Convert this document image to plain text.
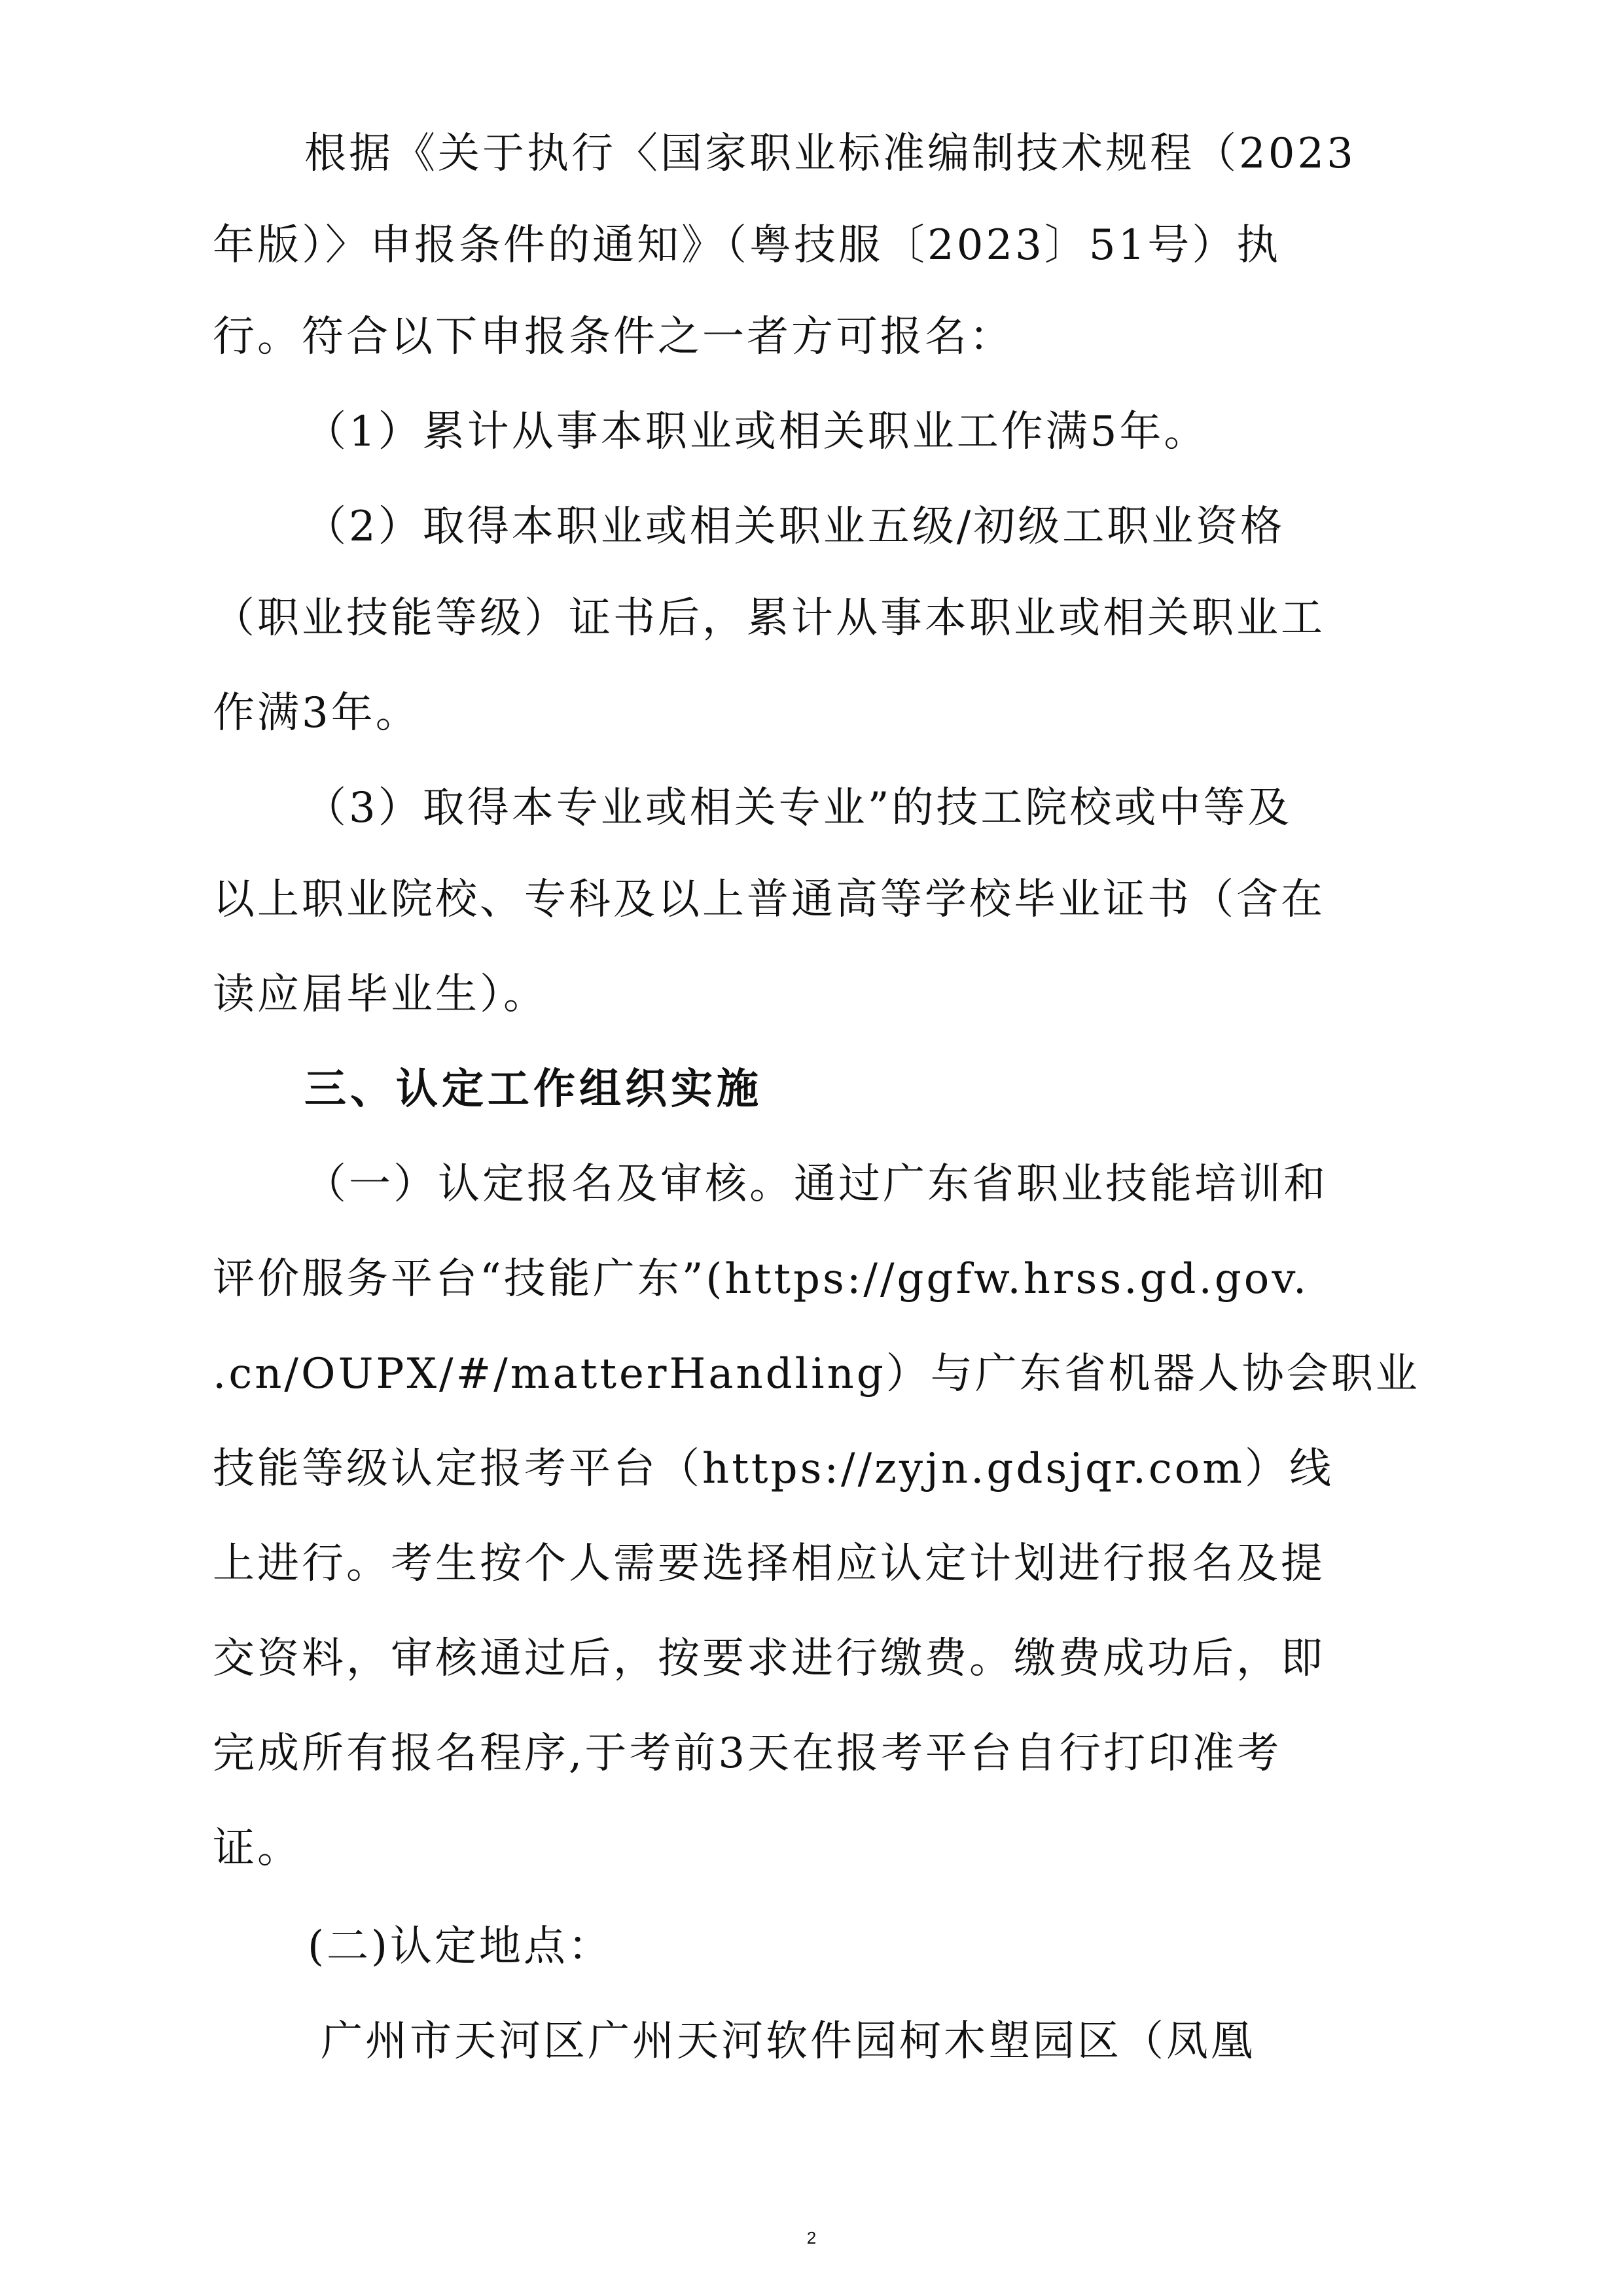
根据《关于执行〈国家职业标准编制技术规程（2023
年版）〉申报条件的通知》（粤技服〔2023〕51号）执
行。符合以下申报条件之一者方可报名：
（1）累计从事本职业或相关职业工作满5年。
（2）取得本职业或相关职业五级/初级工职业资格
（职业技能等级）证书后，累计从事本职业或相关职业工
作满3年。
（3）取得本专业或相关专业”的技工院校或中等及
以上职业院校、专科及以上普通高等学校毕业证书（含在
读应届毕业生）。
三、认定工作组织实施
（一）认定报名及审核。通过广东省职业技能培训和
评价服务平台“技能广东”(https://ggfw.hrss.gd.gov.
.cn/OUPX/#/matterHandling）与广东省机器人协会职业
技能等级认定报考平台（https://zyjn.gdsjqr.com）线
上进行。考生按个人需要选择相应认定计划进行报名及提
交资料，审核通过后，按要求进行缴费。缴费成功后，即
完成所有报名程序,于考前3天在报考平台自行打印准考
证。
(二)认定地点：
广州市天河区广州天河软件园柯木塱园区（凤凰
2
